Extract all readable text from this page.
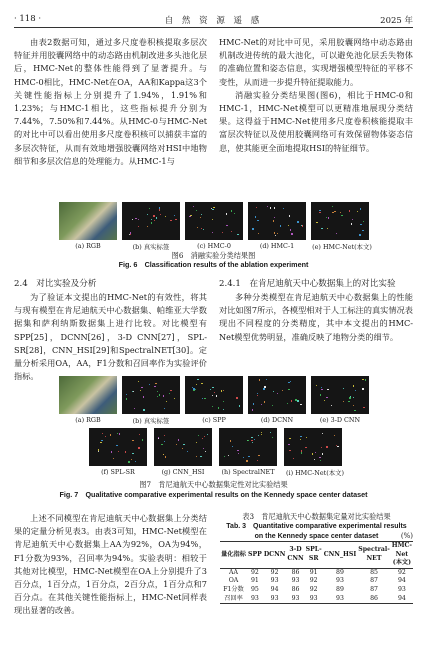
· 118 ·	自 然 资 源 遥 感	2025 年

由表2数据可知，通过多尺度卷积核提取多层次特征并用胶囊网络中的动态路由机制改进多头池化层后，HMC-Net的整体性能得到了显著提升。与HMC-0相比，HMC-Net在OA，AA和Kappa这3个关键性能指标上分别提升了1.94%，1.91%和1.23%；与HMC-1相比，这些指标提升分别为7.44%，7.50%和7.44%。从HMC-0与HMC-Net的对比中可以看出使用多尺度卷积核可以捕获丰富的多层次特征，从而有效地增强胶囊网络对HSI中地物细节和多层次信息的处理能力。从HMC-1与

HMC-Net的对比中可见，采用胶囊网络中动态路由机制改进传统的最大池化，可以避免池化层丢失物体的准确位置和姿态信息，实现增强模型特征的平移不变性，从而进一步提升特征提取能力。

消融实验分类结果图(图6)，相比于HMC-0和HMC-1，HMC-Net模型可以更精准地展现分类结果。这得益于HMC-Net使用多尺度卷积核能提取丰富层次特征以及使用胶囊网络可有效保留物体姿态信息，使其能更全面地提取HSI的特征细节。

(a) RGB	(b) 真实标签	(c) HMC-0	(d) HMC-1	(e) HMC-Net(本文)
图6　消融实验分类结果图
Fig. 6　Classification results of the ablation experiment
2.4　对比实验及分析

为了验证本文提出的HMC-Net的有效性，将其与现有模型在肯尼迪航天中心数据集、帕维亚大学数据集和萨利纳斯数据集上进行比较。对比模型有SPP[25]，DCNN[26]，3-D CNN[27]，SPL-SR[28]，CNN_HSI[29]和SpectralNET[30]。定量分析采用OA，AA，F1分数和召回率作为实验评价指标。

2.4.1　在肯尼迪航天中心数据集上的对比实验

多种分类模型在肯尼迪航天中心数据集上的性能对比如图7所示，各模型相对于人工标注的真实情况表现出不同程度的分类精度，其中本文提出的HMC-Net模型优势明显，准确反映了地物分类的细节。

(a) RGB	(b) 真实标签	(c) SPP	(d) DCNN	(e) 3-D CNN
(f) SPL-SR	(g) CNN_HSI	(h) SpectralNET	(i) HMC-Net(本文)
图7　肯尼迪航天中心数据集定性对比实验结果
Fig. 7　Qualitative comparative experimental results on the Kennedy space center dataset

上述不同模型在肯尼迪航天中心数据集上分类结果的定量分析见表3。由表3可知，HMC-Net模型在肯尼迪航天中心数据集上AA为92%，OA为94%，F1分数为93%，召回率为94%。实验表明：相较于其他对比模型，HMC-Net模型在OA上分别提升了3百分点，1百分点，1百分点，2百分点，1百分点和7百分点。在其他关键性能指标上，HMC-Net同样表现出显著的改善。

表3　肯尼迪航天中心数据集定量对比实验结果
Tab. 3　Quantitative comparative experimental results
on the Kennedy space center dataset	(%)
量化指标	SPP	DCNN	3-D CNN	SPL-SR	CNN_HSI	Spectral-NET	HMC-Net (本文)
AA	92	92	86	91	89	85	92
OA	91	93	93	92	93	87	94
F1分数	95	94	86	92	89	87	93
召回率	93	93	93	93	93	86	94
